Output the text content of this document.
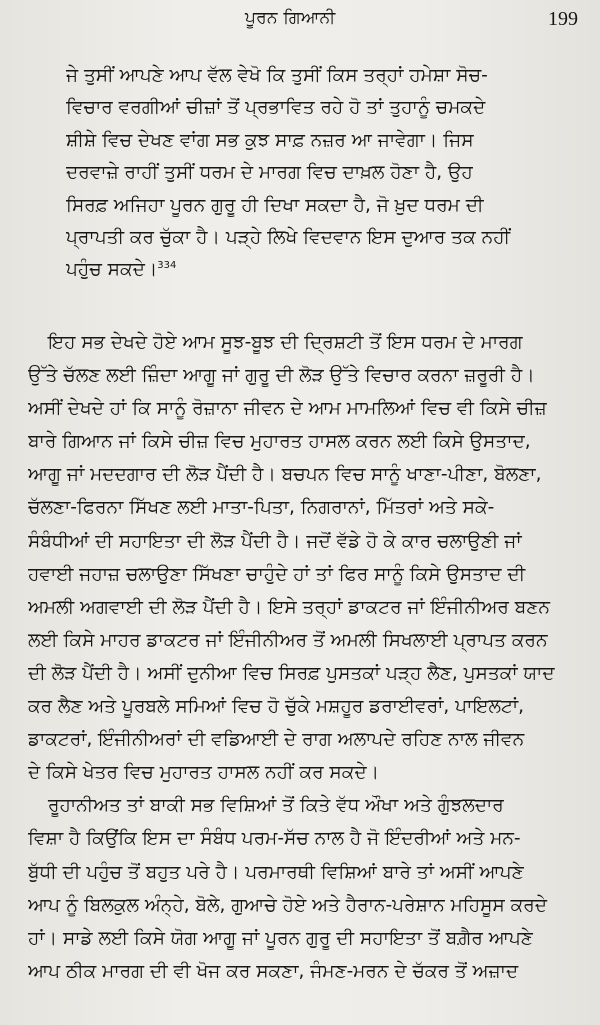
ਪੂਰਨ ਗਿਆਨੀ	199
ਜੇ ਤੁਸੀਂ ਆਪਣੇ ਆਪ ਵੱਲ ਵੇਖੋ ਕਿ ਤੁਸੀਂ ਕਿਸ ਤਰ੍ਹਾਂ ਹਮੇਸ਼ਾ ਸੋਚ-
ਵਿਚਾਰ ਵਰਗੀਆਂ ਚੀਜ਼ਾਂ ਤੋਂ ਪ੍ਰਭਾਵਿਤ ਰਹੇ ਹੋ ਤਾਂ ਤੁਹਾਨੂੰ ਚਮਕਦੇ
ਸ਼ੀਸ਼ੇ ਵਿਚ ਦੇਖਣ ਵਾਂਗ ਸਭ ਕੁਝ ਸਾਫ਼ ਨਜ਼ਰ ਆ ਜਾਵੇਗਾ। ਜਿਸ
ਦਰਵਾਜ਼ੇ ਰਾਹੀਂ ਤੁਸੀਂ ਧਰਮ ਦੇ ਮਾਰਗ ਵਿਚ ਦਾਖ਼ਲ ਹੋਣਾ ਹੈ, ਉਹ
ਸਿਰਫ਼ ਅਜਿਹਾ ਪੂਰਨ ਗੁਰੂ ਹੀ ਦਿਖਾ ਸਕਦਾ ਹੈ, ਜੋ ਖ਼ੁਦ ਧਰਮ ਦੀ
ਪ੍ਰਾਪਤੀ ਕਰ ਚੁੱਕਾ ਹੈ। ਪੜ੍ਹੇ ਲਿਖੇ ਵਿਦਵਾਨ ਇਸ ਦੁਆਰ ਤਕ ਨਹੀਂ
ਪਹੁੰਚ ਸਕਦੇ।$^{334}$
ਇਹ ਸਭ ਦੇਖਦੇ ਹੋਏ ਆਮ ਸੂਝ-ਬੂਝ ਦੀ ਦ੍ਰਿਸ਼ਟੀ ਤੋਂ ਇਸ ਧਰਮ ਦੇ ਮਾਰਗ
ਉੱਤੇ ਚੱਲਣ ਲਈ ਜ਼ਿੰਦਾ ਆਗੂ ਜਾਂ ਗੁਰੂ ਦੀ ਲੋੜ ਉੱਤੇ ਵਿਚਾਰ ਕਰਨਾ ਜ਼ਰੂਰੀ ਹੈ।
ਅਸੀਂ ਦੇਖਦੇ ਹਾਂ ਕਿ ਸਾਨੂੰ ਰੋਜ਼ਾਨਾ ਜੀਵਨ ਦੇ ਆਮ ਮਾਮਲਿਆਂ ਵਿਚ ਵੀ ਕਿਸੇ ਚੀਜ਼
ਬਾਰੇ ਗਿਆਨ ਜਾਂ ਕਿਸੇ ਚੀਜ਼ ਵਿਚ ਮੁਹਾਰਤ ਹਾਸਲ ਕਰਨ ਲਈ ਕਿਸੇ ਉਸਤਾਦ,
ਆਗੂ ਜਾਂ ਮਦਦਗਾਰ ਦੀ ਲੋੜ ਪੈਂਦੀ ਹੈ। ਬਚਪਨ ਵਿਚ ਸਾਨੂੰ ਖਾਣਾ-ਪੀਣਾ, ਬੋਲਣਾ,
ਚੱਲਣਾ-ਫਿਰਨਾ ਸਿੱਖਣ ਲਈ ਮਾਤਾ-ਪਿਤਾ, ਨਿਗਰਾਨਾਂ, ਮਿੱਤਰਾਂ ਅਤੇ ਸਕੇ-
ਸੰਬੰਧੀਆਂ ਦੀ ਸਹਾਇਤਾ ਦੀ ਲੋੜ ਪੈਂਦੀ ਹੈ। ਜਦੋਂ ਵੱਡੇ ਹੋ ਕੇ ਕਾਰ ਚਲਾਉਣੀ ਜਾਂ
ਹਵਾਈ ਜਹਾਜ਼ ਚਲਾਉਣਾ ਸਿੱਖਣਾ ਚਾਹੁੰਦੇ ਹਾਂ ਤਾਂ ਫਿਰ ਸਾਨੂੰ ਕਿਸੇ ਉਸਤਾਦ ਦੀ
ਅਮਲੀ ਅਗਵਾਈ ਦੀ ਲੋੜ ਪੈਂਦੀ ਹੈ। ਇਸੇ ਤਰ੍ਹਾਂ ਡਾਕਟਰ ਜਾਂ ਇੰਜੀਨੀਅਰ ਬਣਨ
ਲਈ ਕਿਸੇ ਮਾਹਰ ਡਾਕਟਰ ਜਾਂ ਇੰਜੀਨੀਅਰ ਤੋਂ ਅਮਲੀ ਸਿਖਲਾਈ ਪ੍ਰਾਪਤ ਕਰਨ
ਦੀ ਲੋੜ ਪੈਂਦੀ ਹੈ। ਅਸੀਂ ਦੁਨੀਆ ਵਿਚ ਸਿਰਫ਼ ਪੁਸਤਕਾਂ ਪੜ੍ਹ ਲੈਣ, ਪੁਸਤਕਾਂ ਯਾਦ
ਕਰ ਲੈਣ ਅਤੇ ਪੂਰਬਲੇ ਸਮਿਆਂ ਵਿਚ ਹੋ ਚੁੱਕੇ ਮਸ਼ਹੂਰ ਡਰਾਈਵਰਾਂ, ਪਾਇਲਟਾਂ,
ਡਾਕਟਰਾਂ, ਇੰਜੀਨੀਅਰਾਂ ਦੀ ਵਡਿਆਈ ਦੇ ਰਾਗ ਅਲਾਪਦੇ ਰਹਿਣ ਨਾਲ ਜੀਵਨ
ਦੇ ਕਿਸੇ ਖੇਤਰ ਵਿਚ ਮੁਹਾਰਤ ਹਾਸਲ ਨਹੀਂ ਕਰ ਸਕਦੇ।
ਰੂਹਾਨੀਅਤ ਤਾਂ ਬਾਕੀ ਸਭ ਵਿਸ਼ਿਆਂ ਤੋਂ ਕਿਤੇ ਵੱਧ ਔਖਾ ਅਤੇ ਗੁੰਝਲਦਾਰ
ਵਿਸ਼ਾ ਹੈ ਕਿਉਂਕਿ ਇਸ ਦਾ ਸੰਬੰਧ ਪਰਮ-ਸੱਚ ਨਾਲ ਹੈ ਜੋ ਇੰਦਰੀਆਂ ਅਤੇ ਮਨ-
ਬੁੱਧੀ ਦੀ ਪਹੁੰਚ ਤੋਂ ਬਹੁਤ ਪਰੇ ਹੈ। ਪਰਮਾਰਥੀ ਵਿਸ਼ਿਆਂ ਬਾਰੇ ਤਾਂ ਅਸੀਂ ਆਪਣੇ
ਆਪ ਨੂੰ ਬਿਲਕੁਲ ਅੰਨ੍ਹੇ, ਬੋਲੇ, ਗੁਆਚੇ ਹੋਏ ਅਤੇ ਹੈਰਾਨ-ਪਰੇਸ਼ਾਨ ਮਹਿਸੂਸ ਕਰਦੇ
ਹਾਂ। ਸਾਡੇ ਲਈ ਕਿਸੇ ਯੋਗ ਆਗੂ ਜਾਂ ਪੂਰਨ ਗੁਰੂ ਦੀ ਸਹਾਇਤਾ ਤੋਂ ਬਗ਼ੈਰ ਆਪਣੇ
ਆਪ ਠੀਕ ਮਾਰਗ ਦੀ ਵੀ ਖੋਜ ਕਰ ਸਕਣਾ, ਜੰਮਣ-ਮਰਨ ਦੇ ਚੱਕਰ ਤੋਂ ਅਜ਼ਾਦ
